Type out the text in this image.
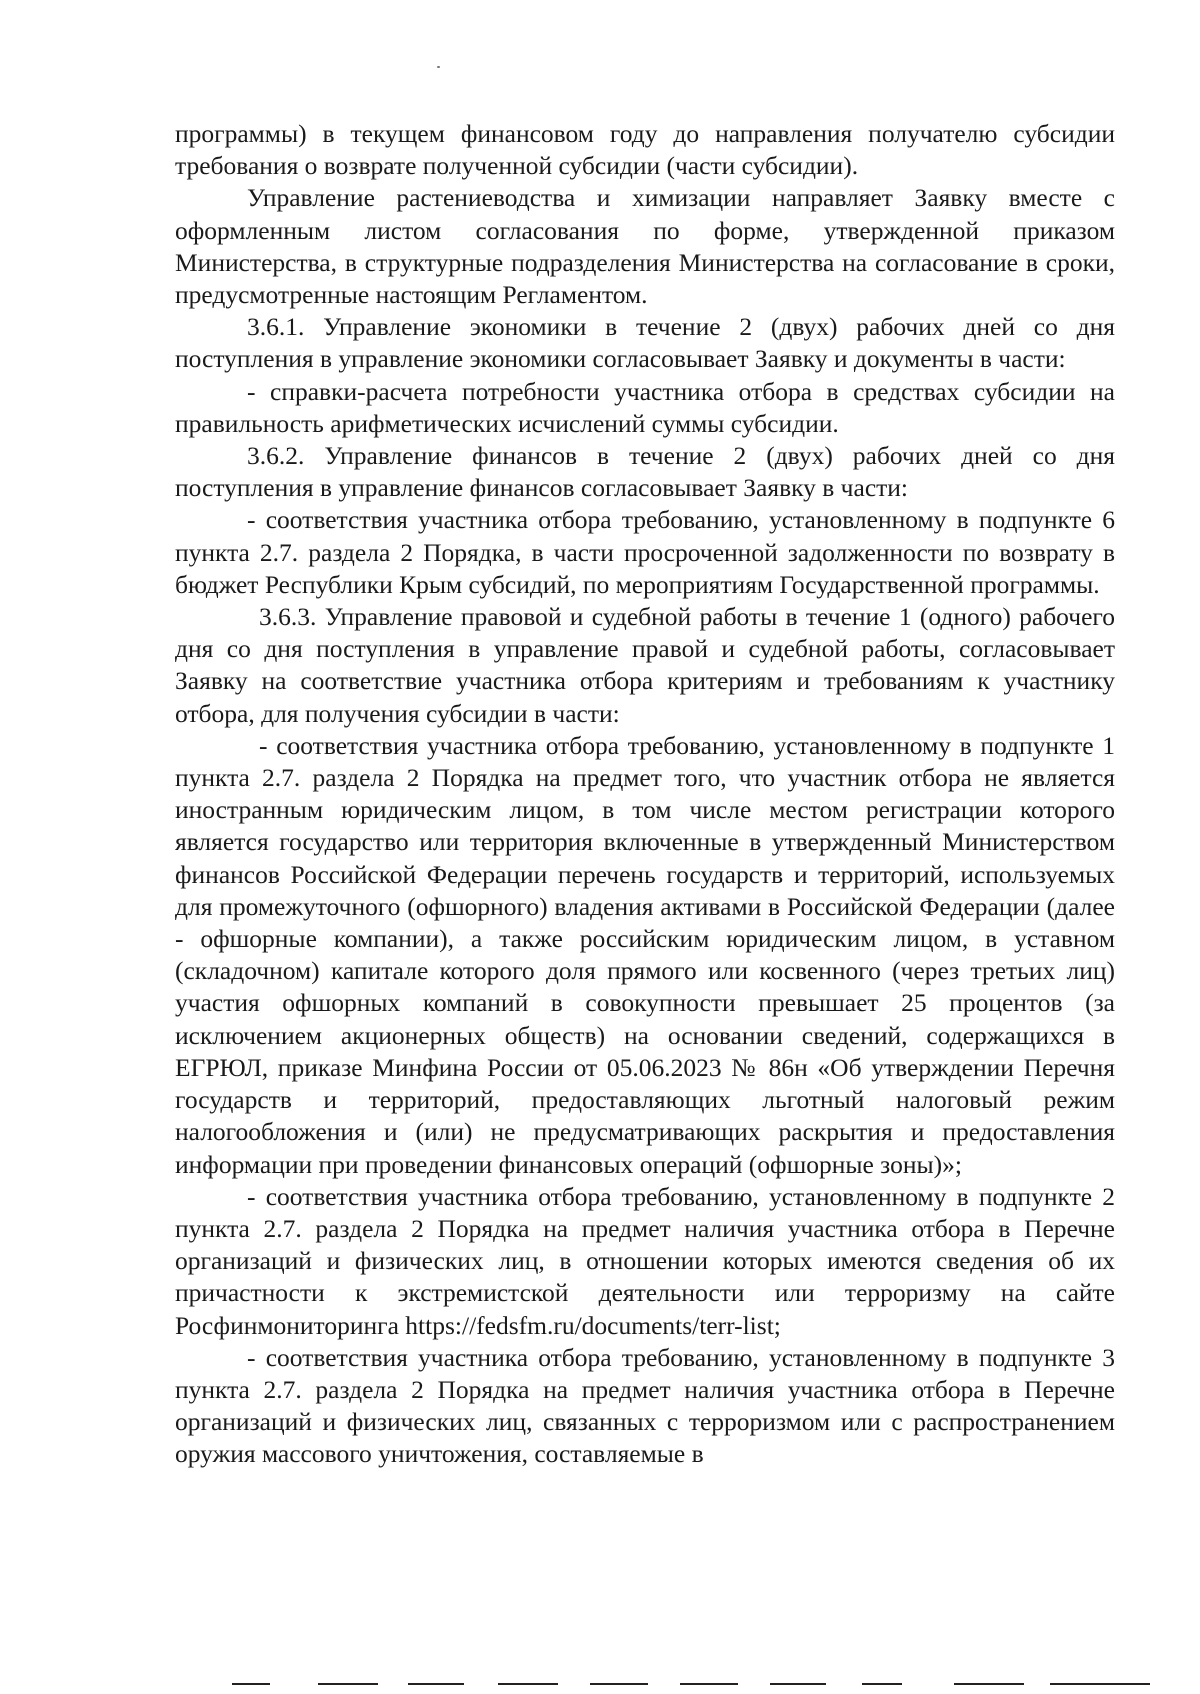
программы) в текущем финансовом году до направления получателю субсидии требования о возврате полученной субсидии (части субсидии).

Управление растениеводства и химизации направляет Заявку вместе с оформленным листом согласования по форме, утвержденной приказом Министерства, в структурные подразделения Министерства на согласование в сроки, предусмотренные настоящим Регламентом.

3.6.1. Управление экономики в течение 2 (двух) рабочих дней со дня поступления в управление экономики согласовывает Заявку и документы в части:

- справки-расчета потребности участника отбора в средствах субсидии на правильность арифметических исчислений суммы субсидии.

3.6.2. Управление финансов в течение 2 (двух) рабочих дней со дня поступления в управление финансов согласовывает Заявку в части:

- соответствия участника отбора требованию, установленному в подпункте 6 пункта 2.7. раздела 2 Порядка, в части просроченной задолженности по возврату в бюджет Республики Крым субсидий, по мероприятиям Государственной программы.

3.6.3. Управление правовой и судебной работы в течение 1 (одного) рабочего дня со дня поступления в управление правой и судебной работы, согласовывает Заявку на соответствие участника отбора критериям и требованиям к участнику отбора, для получения субсидии в части:

- соответствия участника отбора требованию, установленному в подпункте 1 пункта 2.7. раздела 2 Порядка на предмет того, что участник отбора не является иностранным юридическим лицом, в том числе местом регистрации которого является государство или территория включенные в утвержденный Министерством финансов Российской Федерации перечень государств и территорий, используемых для промежуточного (офшорного) владения активами в Российской Федерации (далее - офшорные компании), а также российским юридическим лицом, в уставном (складочном) капитале которого доля прямого или косвенного (через третьих лиц) участия офшорных компаний в совокупности превышает 25 процентов (за исключением акционерных обществ) на основании сведений, содержащихся в ЕГРЮЛ, приказе Минфина России от 05.06.2023 № 86н «Об утверждении Перечня государств и территорий, предоставляющих льготный налоговый режим налогообложения и (или) не предусматривающих раскрытия и предоставления информации при проведении финансовых операций (офшорные зоны)»;

- соответствия участника отбора требованию, установленному в подпункте 2 пункта 2.7. раздела 2 Порядка на предмет наличия участника отбора в Перечне организаций и физических лиц, в отношении которых имеются сведения об их причастности к экстремистской деятельности или терроризму на сайте Росфинмониторинга https://fedsfm.ru/documents/terr-list;

- соответствия участника отбора требованию, установленному в подпункте 3 пункта 2.7. раздела 2 Порядка на предмет наличия участника отбора в Перечне организаций и физических лиц, связанных с терроризмом или с распространением оружия массового уничтожения, составляемые в
